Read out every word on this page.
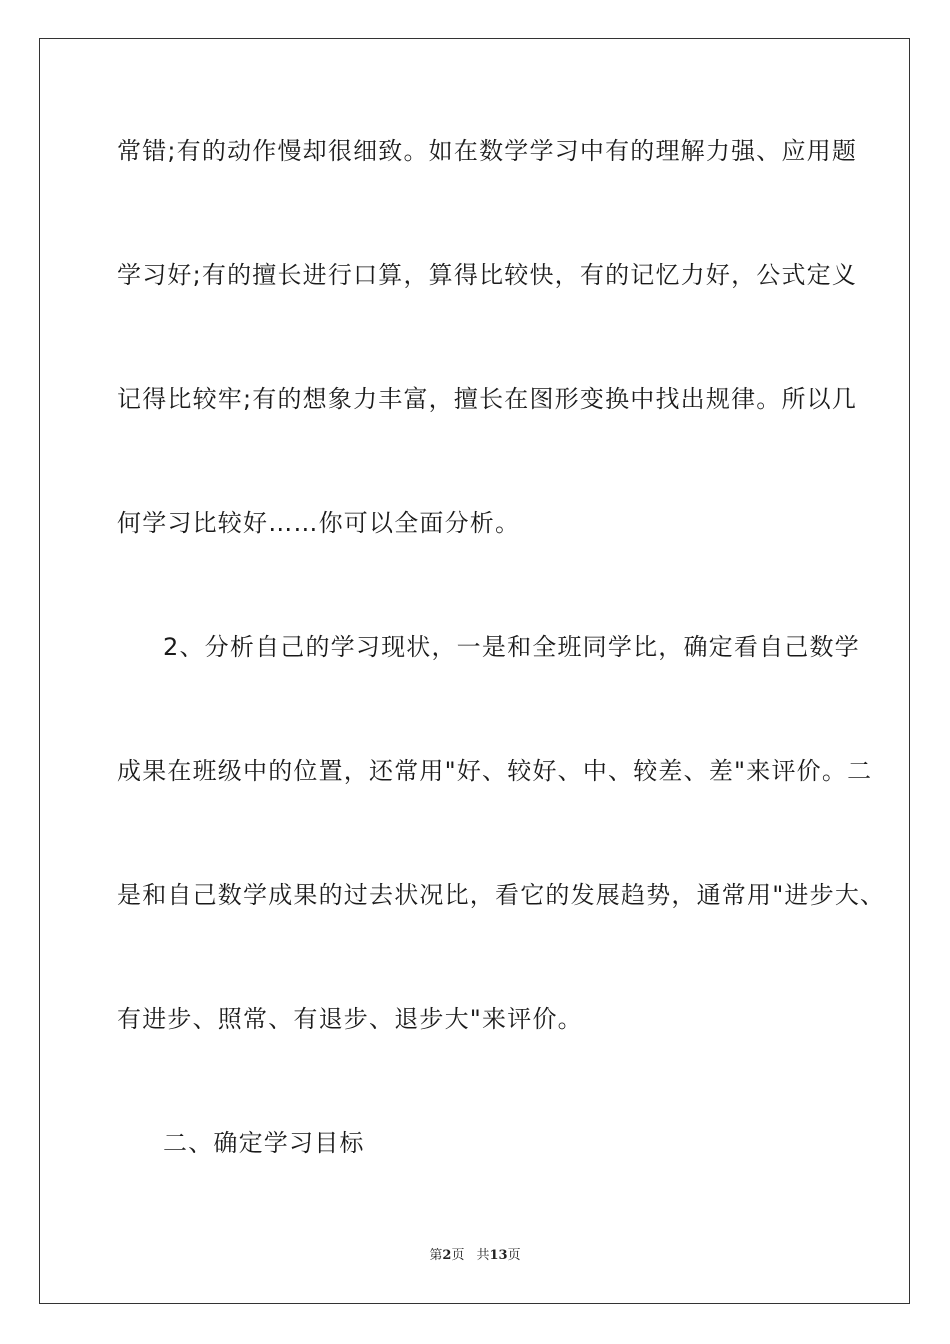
常错;有的动作慢却很细致。如在数学学习中有的理解力强、应用题
学习好;有的擅长进行口算，算得比较快，有的记忆力好，公式定义
记得比较牢;有的想象力丰富，擅长在图形变换中找出规律。所以几
何学习比较好……你可以全面分析。
2、分析自己的学习现状，一是和全班同学比，确定看自己数学
成果在班级中的位置，还常用"好、较好、中、较差、差"来评价。二
是和自己数学成果的过去状况比，看它的发展趋势，通常用"进步大、
有进步、照常、有退步、退步大"来评价。
二、确定学习目标
第2页 共13页
